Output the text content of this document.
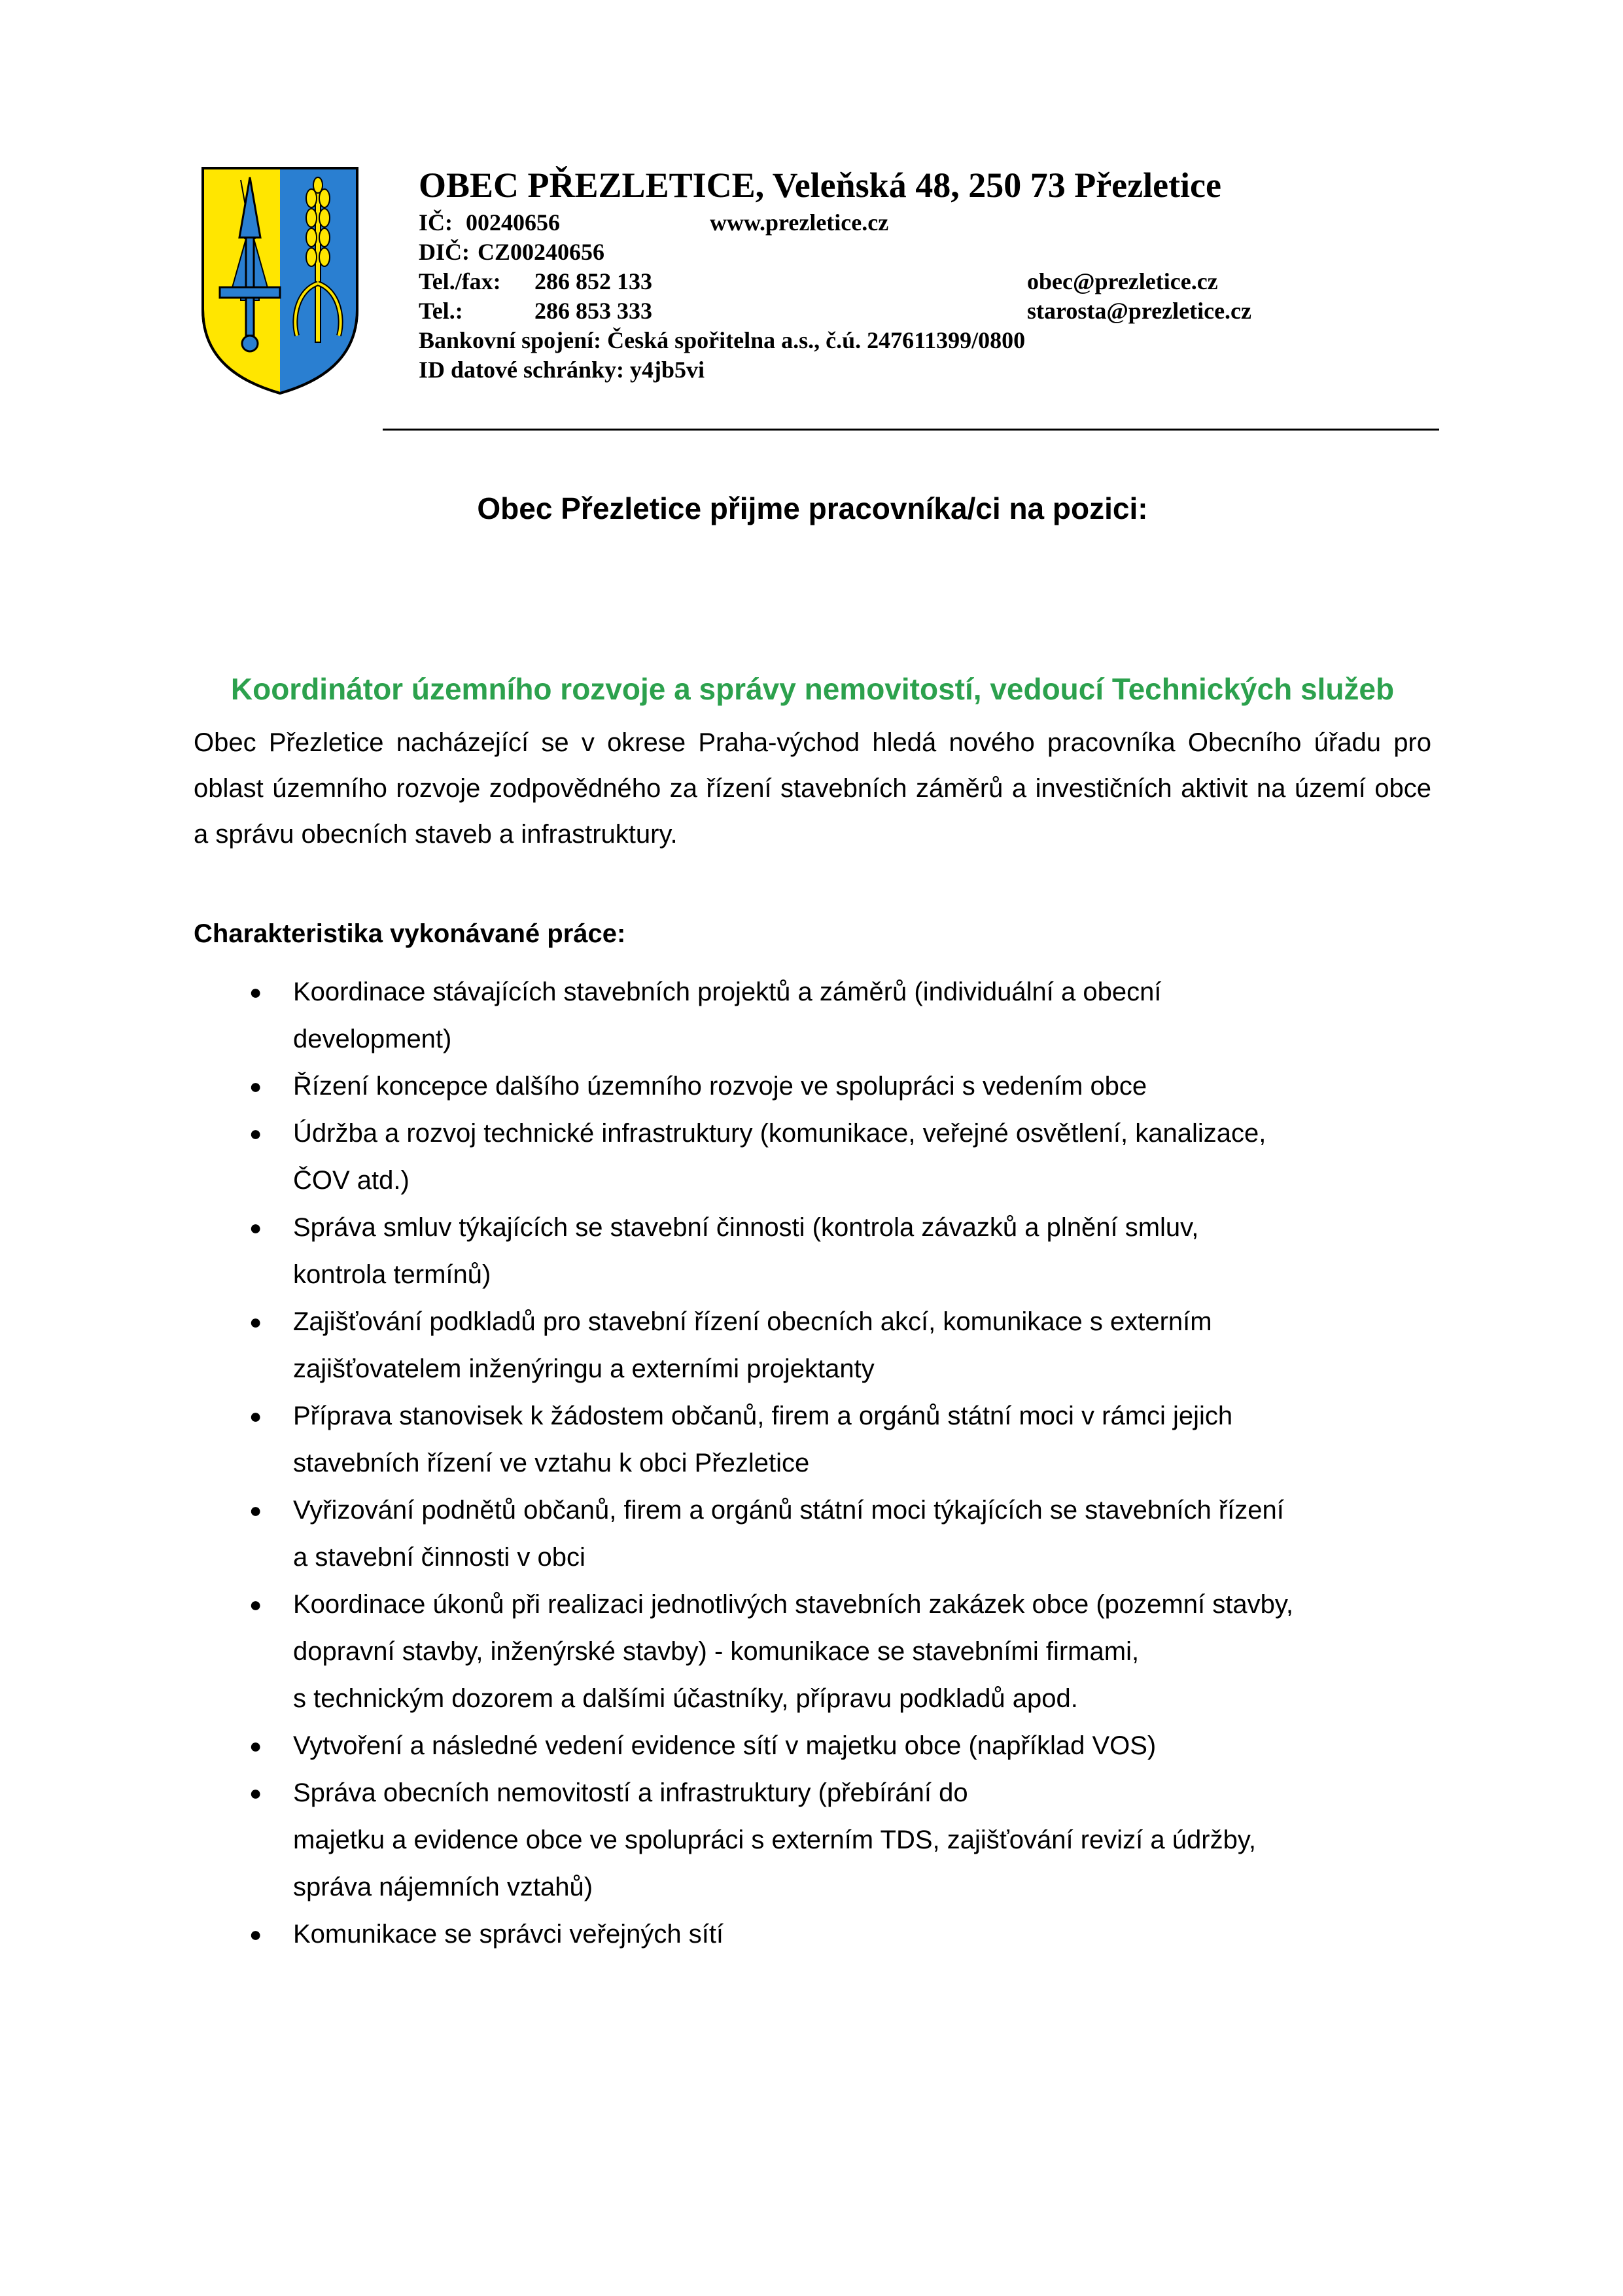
OBEC PŘEZLETICE, Veleňská 48, 250 73 Přezletice
IČ: 00240656	www.prezletice.cz
DIČ: CZ00240656
Tel./fax: 286 852 133	obec@prezletice.cz
Tel.:	286 853 333	starosta@prezletice.cz
Bankovní spojení: Česká spořitelna a.s., č.ú. 247611399/0800
ID datové schránky: y4jb5vi
Obec Přezletice přijme pracovníka/ci na pozici:
Koordinátor územního rozvoje a správy nemovitostí, vedoucí Technických služeb
Obec Přezletice nacházející se v okrese Praha-východ hledá nového pracovníka Obecního úřadu pro oblast územního rozvoje zodpovědného za řízení stavebních záměrů a investičních aktivit na území obce a správu obecních staveb a infrastruktury.
Charakteristika vykonávané práce:
● Koordinace stávajících stavebních projektů a záměrů (individuální a obecní
development)
● Řízení koncepce dalšího územního rozvoje ve spolupráci s vedením obce
● Údržba a rozvoj technické infrastruktury (komunikace, veřejné osvětlení, kanalizace,
ČOV atd.)
● Správa smluv týkajících se stavební činnosti (kontrola závazků a plnění smluv,
kontrola termínů)
● Zajišťování podkladů pro stavební řízení obecních akcí, komunikace s externím
zajišťovatelem inženýringu a externími projektanty
● Příprava stanovisek k žádostem občanů, firem a orgánů státní moci v rámci jejich
stavebních řízení ve vztahu k obci Přezletice
● Vyřizování podnětů občanů, firem a orgánů státní moci týkajících se stavebních řízení
a stavební činnosti v obci
● Koordinace úkonů při realizaci jednotlivých stavebních zakázek obce (pozemní stavby,
dopravní stavby, inženýrské stavby) - komunikace se stavebními firmami,
s technickým dozorem a dalšími účastníky, přípravu podkladů apod.
● Vytvoření a následné vedení evidence sítí v majetku obce (například VOS)
● Správa obecních nemovitostí a infrastruktury (přebírání do
majetku a evidence obce ve spolupráci s externím TDS, zajišťování revizí a údržby,
správa nájemních vztahů)
● Komunikace se správci veřejných sítí
